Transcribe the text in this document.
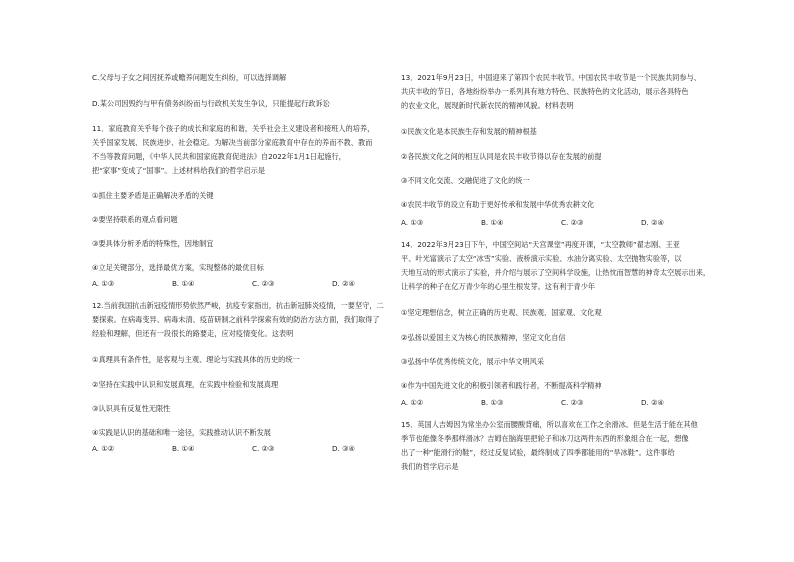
C.父母与子女之间因抚养或赡养问题发生纠纷，可以选择调解
D.某公司因毁约与甲有债务纠纷而与行政机关发生争议，只能提起行政诉讼
11．家庭教育关乎每个孩子的成长和家庭的和谐，关乎社会主义建设者和接班人的培养，
关乎国家发展、民族进步、社会稳定。为解决当前部分家庭教育中存在的养而不教、教而
不当等教育问题，《中华人民共和国家庭教育促进法》自2022年1月1日起施行，
把“家事”变成了“国事”。上述材料给我们的哲学启示是
①抓住主要矛盾是正确解决矛盾的关键
②要坚持联系的观点看问题
③要具体分析矛盾的特殊性，因地制宜
④立足关键部分，选择最优方案，实现整体的最优目标
A. ①③	B. ①④	C. ②③	D. ②④
12.当前我国抗击新冠疫情形势依然严峻，抗疫专家指出，抗击新冠肺炎疫情，一要坚守，二
要探索。在病毒变异、病毒未清、疫苗研制之前科学探索有效的防治方法方面，我们取得了
经验和理解，但还有一段很长的路要走，应对疫情变化。这表明
①真理具有条件性，是客观与主观、理论与实践具体的历史的统一
②坚持在实践中认识和发展真理，在实践中检验和发展真理
③认识具有反复性无限性
④实践是认识的基础和唯一途径，实践推动认识不断发展
A. ①②	B. ①④	C. ②③	D. ③④
13．2021年9月23日，中国迎来了第四个农民丰收节。中国农民丰收节是一个民族共同参与、
共庆丰收的节日，各地纷纷举办一系列具有地方特色、民族特色的文化活动，展示各具特色
的农业文化，展现新时代新农民的精神风貌。材料表明
①民族文化是本民族生存和发展的精神根基
②各民族文化之间的相互认同是农民丰收节得以存在发展的前提
③不同文化交流、交融促进了文化的统一
④农民丰收节的设立有助于更好传承和发展中华优秀农耕文化
A. ①③	B. ①④	C. ②③	D. ②④
14．2022年3月23日下午，中国空间站“天宫课堂”再度开课，“太空教师”翟志刚、王亚
平、叶光富演示了太空“冰雪”实验、液桥演示实验、水油分离实验、太空抛物实验等，以
天地互动的形式演示了实验，并介绍与展示了空间科学设施，让热忱而智慧的神奇太空展示出来，
让科学的种子在亿万青少年的心里生根发芽。这有利于青少年
①坚定理想信念，树立正确的历史观、民族观、国家观、文化观
②弘扬以爱国主义为核心的民族精神，坚定文化自信
③弘扬中华优秀传统文化，展示中华文明风采
④作为中国先进文化的积极引领者和践行者，不断提高科学精神
A. ①②	B. ①③	C. ②③	D. ②④
15．英国人吉姆因为常坐办公室而腰酸背痛，所以喜欢在工作之余滑冰。但是生活于能在其他
季节也能像冬季那样滑冰？吉姆在脑海里把轮子和冰刀这两件东西的形象组合在一起，想像
出了一种“能滑行的鞋”，经过反复试验，最终制成了四季都能用的“旱冰鞋”。这件事给
我们的哲学启示是
